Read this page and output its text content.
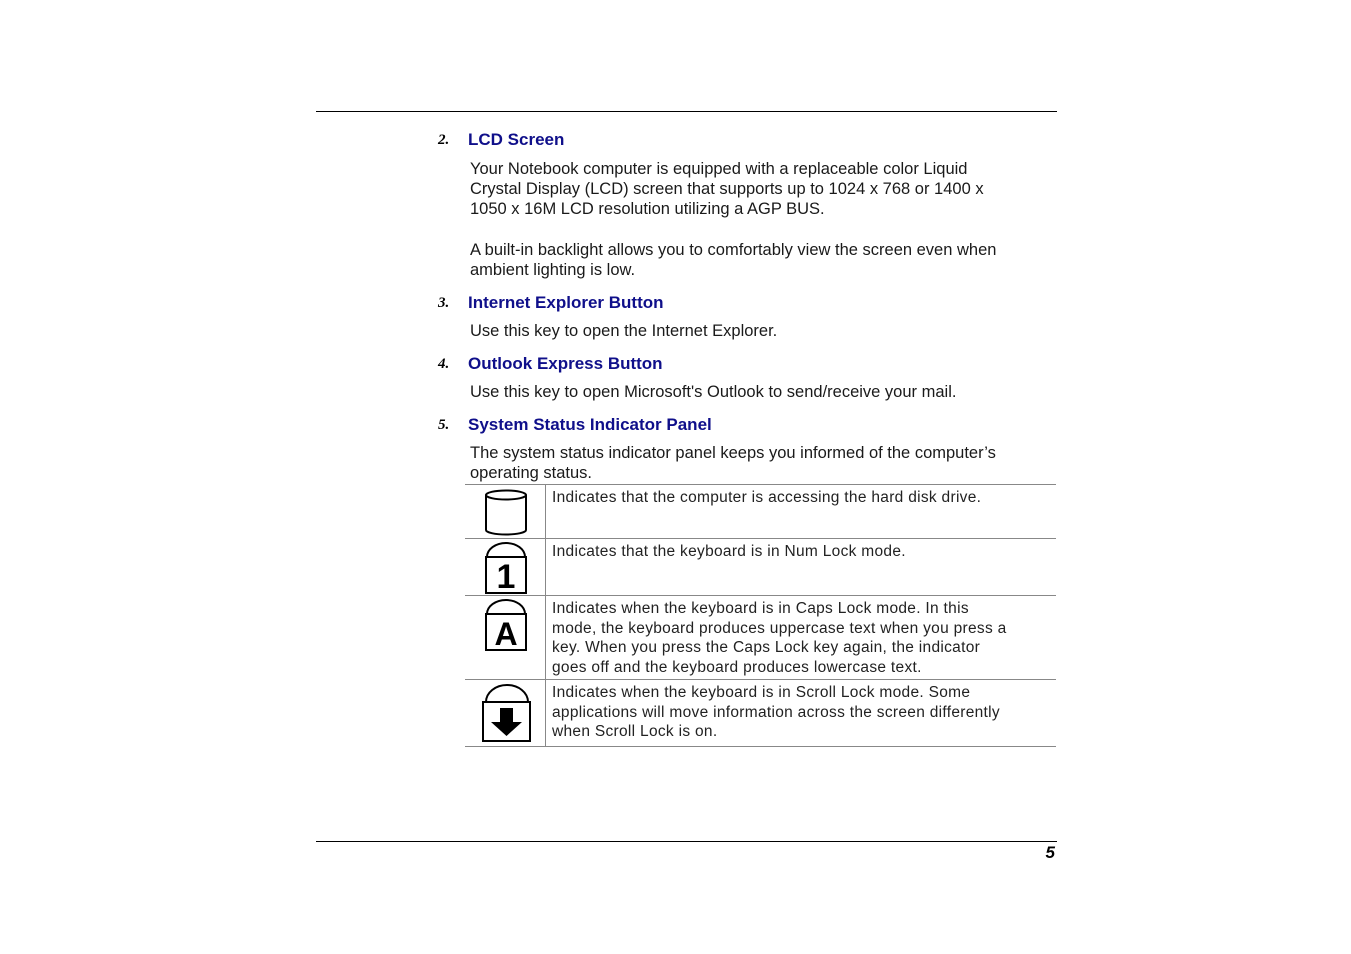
2. LCD Screen
Your Notebook computer is equipped with a replaceable color Liquid
Crystal Display (LCD) screen that supports up to 1024 x 768 or 1400 x
1050 x 16M LCD resolution utilizing a AGP BUS.
A built-in backlight allows you to comfortably view the screen even when
ambient lighting is low.
3. Internet Explorer Button
Use this key to open the Internet Explorer.
4. Outlook Express Button
Use this key to open Microsoft's Outlook to send/receive your mail.
5. System Status Indicator Panel
The system status indicator panel keeps you informed of the computer’s
operating status.

Indicates that the computer is accessing the hard disk drive.

1	Indicates that the keyboard is in Num Lock mode.

A	Indicates when the keyboard is in Caps Lock mode. In this
mode, the keyboard produces uppercase text when you press a
key. When you press the Caps Lock key again, the indicator
goes off and the keyboard produces lowercase text.

Indicates when the keyboard is in Scroll Lock mode. Some
applications will move information across the screen differently
when Scroll Lock is on.
5
